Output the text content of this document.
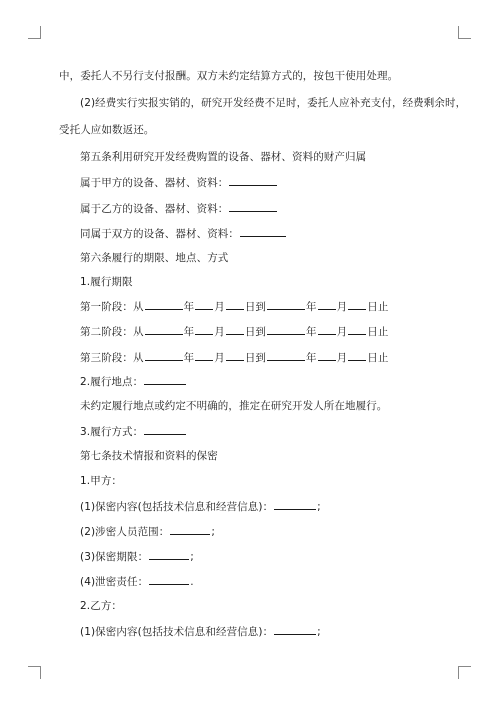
中，委托人不另行支付报酬。双方未约定结算方式的，按包干使用处理。
(2)经费实行实报实销的，研究开发经费不足时，委托人应补充支付，经费剩余时，
受托人应如数返还。
第五条利用研究开发经费购置的设备、器材、资料的财产归属
属于甲方的设备、器材、资料：
属于乙方的设备、器材、资料：
同属于双方的设备、器材、资料：
第六条履行的期限、地点、方式
1.履行期限
第一阶段：从	年 月 日到	年 月 日止
第二阶段：从	年 月 日到	年 月 日止
第三阶段：从	年 月 日到	年 月 日止
2.履行地点：
未约定履行地点或约定不明确的，推定在研究开发人所在地履行。
3.履行方式：
第七条技术情报和资料的保密
1.甲方：
(1)保密内容(包括技术信息和经营信息)：	;
(2)涉密人员范围：	;
(3)保密期限：	;
(4)泄密责任：	.
2.乙方：
(1)保密内容(包括技术信息和经营信息)：	;
